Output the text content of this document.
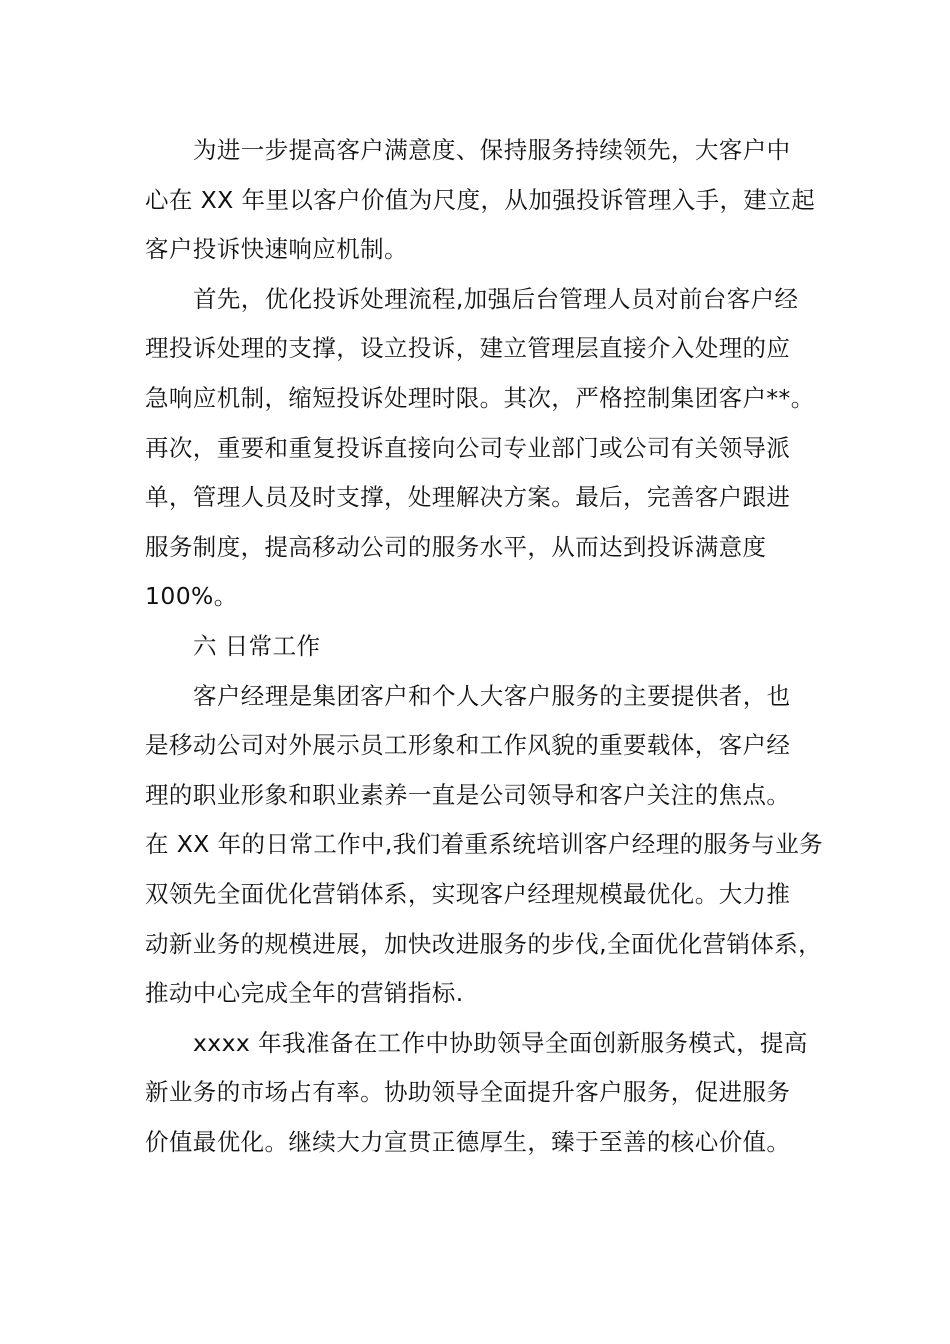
为进一步提高客户满意度、保持服务持续领先，大客户中
心在 XX 年里以客户价值为尺度，从加强投诉管理入手，建立起
客户投诉快速响应机制。
首先，优化投诉处理流程,加强后台管理人员对前台客户经
理投诉处理的支撑，设立投诉，建立管理层直接介入处理的应
急响应机制，缩短投诉处理时限。其次，严格控制集团客户**。
再次，重要和重复投诉直接向公司专业部门或公司有关领导派
单，管理人员及时支撑，处理解决方案。最后，完善客户跟进
服务制度，提高移动公司的服务水平，从而达到投诉满意度
100%。
六 日常工作
客户经理是集团客户和个人大客户服务的主要提供者，也
是移动公司对外展示员工形象和工作风貌的重要载体，客户经
理的职业形象和职业素养一直是公司领导和客户关注的焦点。
在 XX 年的日常工作中,我们着重系统培训客户经理的服务与业务
双领先全面优化营销体系，实现客户经理规模最优化。大力推
动新业务的规模进展，加快改进服务的步伐,全面优化营销体系，
推动中心完成全年的营销指标.
xxxx 年我准备在工作中协助领导全面创新服务模式，提高
新业务的市场占有率。协助领导全面提升客户服务，促进服务
价值最优化。继续大力宣贯正德厚生，臻于至善的核心价值。
